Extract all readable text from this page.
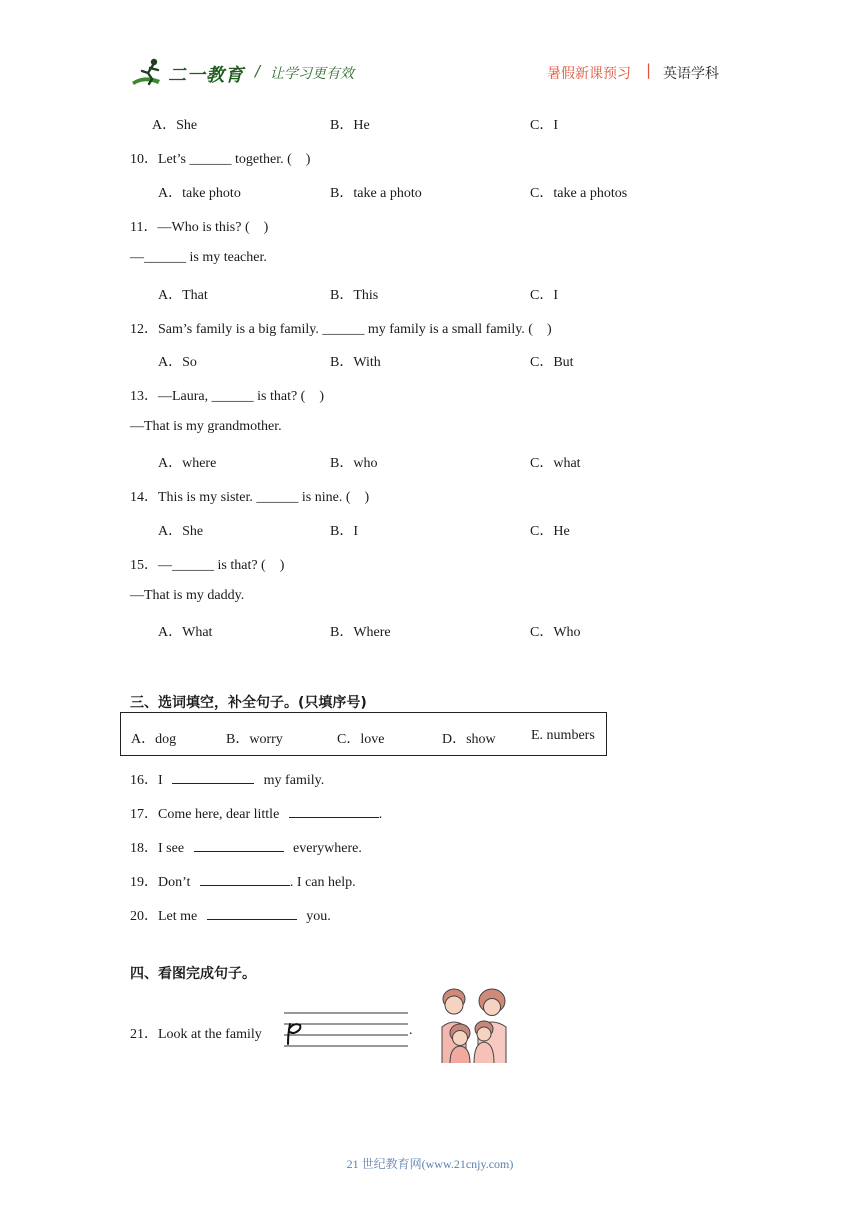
二一教育 / 让学习更有效	暑假新课预习 | 英语学科
A．She	B．He	C．I
10．Let’s ______ together. (　)
A．take photo	B．take a photo	C．take a photos
11．—Who is this? (　)
—______ is my teacher.
A．That	B．This	C．I
12．Sam’s family is a big family. ______ my family is a small family. (　)
A．So	B．With	C．But
13．—Laura, ______ is that? (　)
—That is my grandmother.
A．where	B．who	C．what
14．This is my sister. ______ is nine. (　)
A．She	B．I	C．He
15．—______ is that? (　)
—That is my daddy.
A．What	B．Where	C．Who
三、选词填空，补全句子。(只填序号)
A．dog	B．worry	C．love	D．show	E. numbers
16．I	my family.
17．Come here, dear little	.
18．I see	everywhere.
19．Don’t	. I can help.
20．Let me	you.
四、看图完成句子。
21．Look at the family	.
21 世纪教育网(www.21cnjy.com)
